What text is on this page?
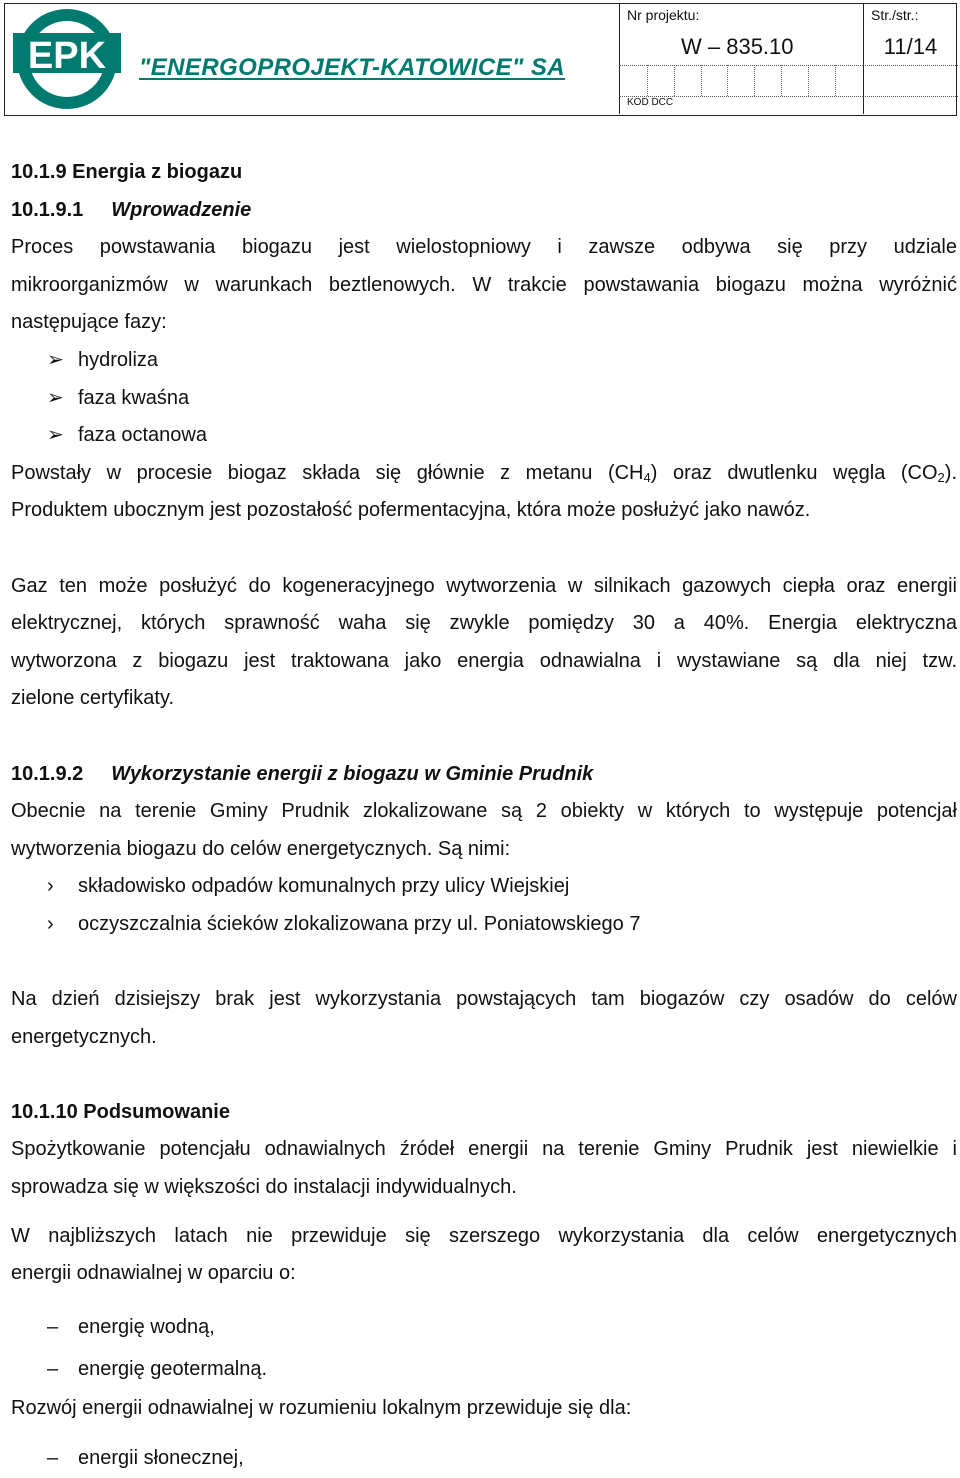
EPK "ENERGOPROJEKT-KATOWICE" SA
Nr projektu:
W – 835.10
KOD DCC
Str./str.:
11/14

10.1.9 Energia z biogazu

10.1.9.1 Wprowadzenie

Proces powstawania biogazu jest wielostopniowy i zawsze odbywa się przy udziale

mikroorganizmów w warunkach beztlenowych. W trakcie powstawania biogazu można wyróżnić

następujące fazy:

➢ hydroliza

➢ faza kwaśna

➢ faza octanowa

Powstały w procesie biogaz składa się głównie z metanu $(CH_4)$ oraz dwutlenku węgla $(CO_2)$.

Produktem ubocznym jest pozostałość pofermentacyjna, która może posłużyć jako nawóz.

Gaz ten może posłużyć do kogeneracyjnego wytworzenia w silnikach gazowych ciepła oraz energii

elektrycznej, których sprawność waha się zwykle pomiędzy 30 a 40%. Energia elektryczna

wytworzona z biogazu jest traktowana jako energia odnawialna i wystawiane są dla niej tzw.

zielone certyfikaty.

10.1.9.2 Wykorzystanie energii z biogazu w Gminie Prudnik

Obecnie na terenie Gminy Prudnik zlokalizowane są 2 obiekty w których to występuje potencjał

wytworzenia biogazu do celów energetycznych. Są nimi:

› składowisko odpadów komunalnych przy ulicy Wiejskiej

› oczyszczalnia ścieków zlokalizowana przy ul. Poniatowskiego 7

Na dzień dzisiejszy brak jest wykorzystania powstających tam biogazów czy osadów do celów

energetycznych.

10.1.10 Podsumowanie

Spożytkowanie potencjału odnawialnych źródeł energii na terenie Gminy Prudnik jest niewielkie i

sprowadza się w większości do instalacji indywidualnych.

W najbliższych latach nie przewiduje się szerszego wykorzystania dla celów energetycznych

energii odnawialnej w oparciu o:

– energię wodną,

– energię geotermalną.

Rozwój energii odnawialnej w rozumieniu lokalnym przewiduje się dla:

– energii słonecznej,
